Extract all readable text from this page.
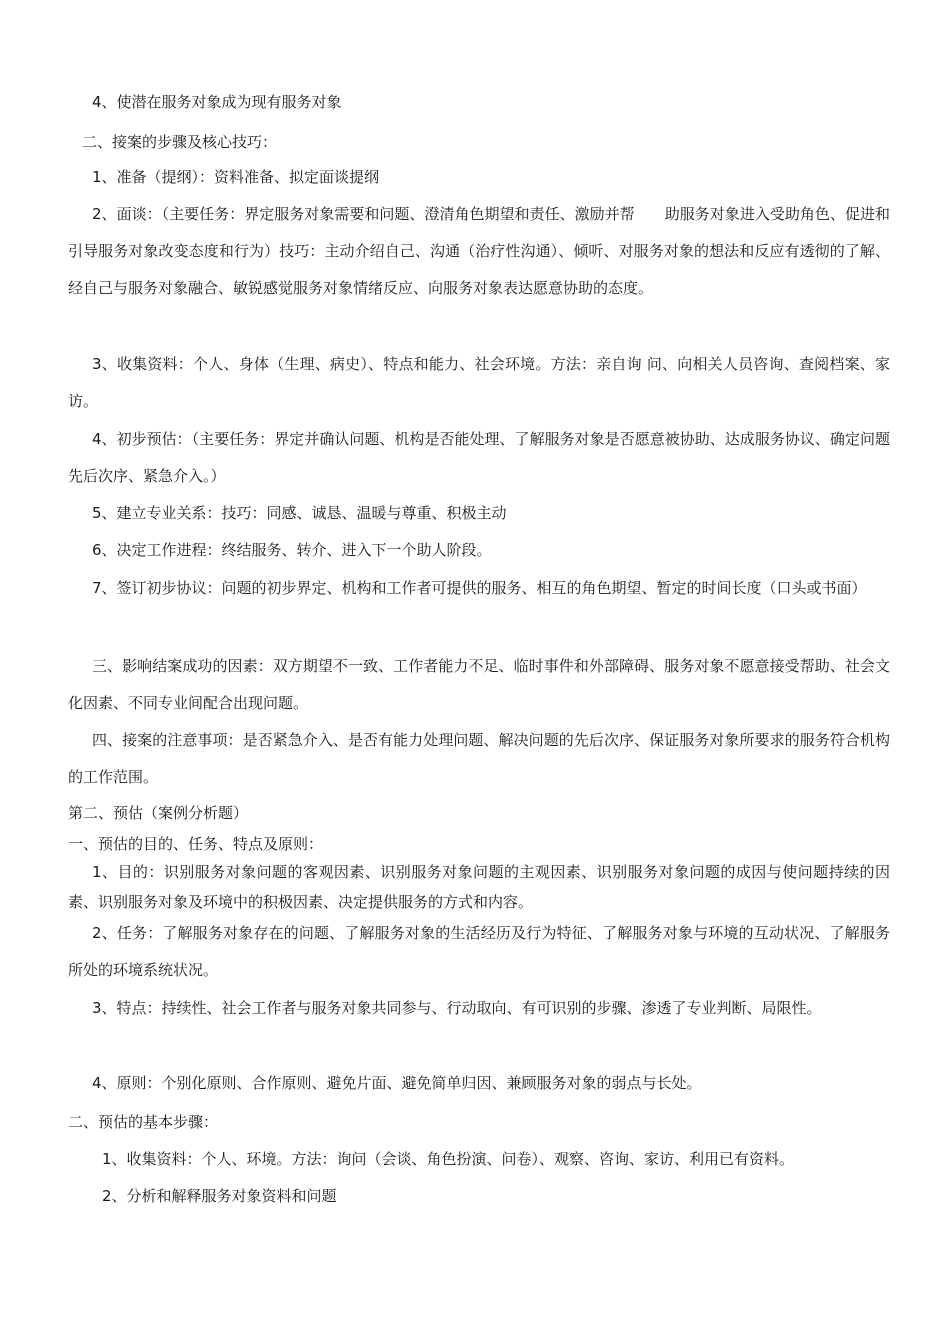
4、使潜在服务对象成为现有服务对象

二、接案的步骤及核心技巧：

1、准备（提纲）：资料准备、拟定面谈提纲

2、面谈：（主要任务：界定服务对象需要和问题、澄清角色期望和责任、激励并帮　　助服务对象进入受助角色、促进和引导服务对象改变态度和行为）技巧：主动介绍自己、沟通（治疗性沟通）、倾听、对服务对象的想法和反应有透彻的了解、经自己与服务对象融合、敏锐感觉服务对象情绪反应、向服务对象表达愿意协助的态度。

3、收集资料：个人、身体（生理、病史）、特点和能力、社会环境。方法：亲自询 问、向相关人员咨询、查阅档案、家访。

4、初步预估：（主要任务：界定并确认问题、机构是否能处理、了解服务对象是否愿意被协助、达成服务协议、确定问题先后次序、紧急介入。）

5、建立专业关系：技巧：同感、诚恳、温暖与尊重、积极主动

6、决定工作进程：终结服务、转介、进入下一个助人阶段。

7、签订初步协议：问题的初步界定、机构和工作者可提供的服务、相互的角色期望、暂定的时间长度（口头或书面）

三、影响结案成功的因素：双方期望不一致、工作者能力不足、临时事件和外部障碍、服务对象不愿意接受帮助、社会文化因素、不同专业间配合出现问题。

四、接案的注意事项：是否紧急介入、是否有能力处理问题、解决问题的先后次序、保证服务对象所要求的服务符合机构的工作范围。

第二、预估（案例分析题）

一、预估的目的、任务、特点及原则：

1、目的：识别服务对象问题的客观因素、识别服务对象问题的主观因素、识别服务对象问题的成因与使问题持续的因素、识别服务对象及环境中的积极因素、决定提供服务的方式和内容。

2、任务：了解服务对象存在的问题、了解服务对象的生活经历及行为特征、了解服务对象与环境的互动状况、了解服务所处的环境系统状况。

3、特点：持续性、社会工作者与服务对象共同参与、行动取向、有可识别的步骤、渗透了专业判断、局限性。

4、原则：个别化原则、合作原则、避免片面、避免简单归因、兼顾服务对象的弱点与长处。

二、预估的基本步骤：

1、收集资料：个人、环境。方法：询问（会谈、角色扮演、问卷）、观察、咨询、家访、利用已有资料。

2、分析和解释服务对象资料和问题
